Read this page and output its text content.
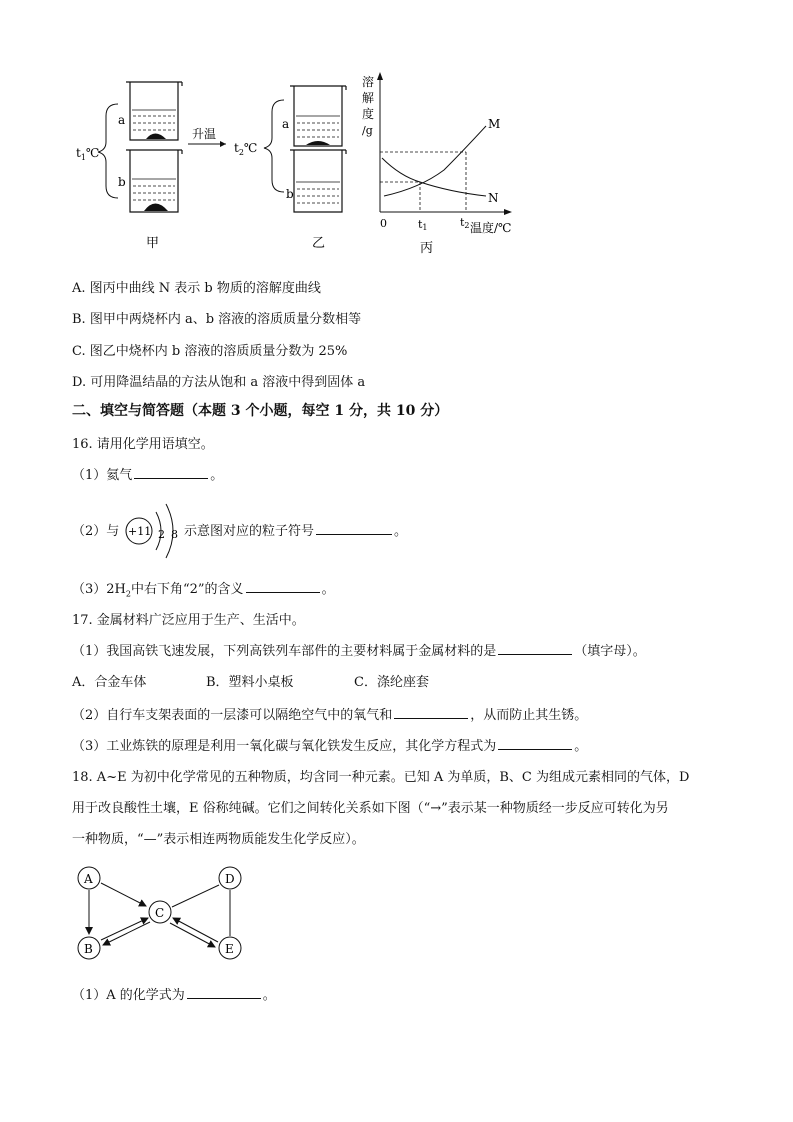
$t_1℃$
a
b
升温
甲
$t_2℃$
a
b
乙
溶
解
度
/g	M
N
0	t1	t2 温度/℃
丙
A. 图丙中曲线 N 表示 b 物质的溶解度曲线
B. 图甲中两烧杯内 a、b 溶液的溶质质量分数相等
C. 图乙中烧杯内 b 溶液的溶质质量分数为 25%
D. 可用降温结晶的方法从饱和 a 溶液中得到固体 a
二、填空与简答题（本题 3 个小题，每空 1 分，共 10 分）
16. 请用化学用语填空。
（1）氦气	。
（2）与 +11 2 8 示意图对应的粒子符号	。
$(3)2H_2$中右下角“2”的含义	。
17. 金属材料广泛应用于生产、生活中。
（1）我国高铁飞速发展，下列高铁列车部件的主要材料属于金属材料的是	（填字母）。
A．合金车体	B．塑料小桌板	C．涤纶座套
（2）自行车支架表面的一层漆可以隔绝空气中的氧气和	，从而防止其生锈。
（3）工业炼铁的原理是利用一氧化碳与氧化铁发生反应，其化学方程式为	。
18. A~E 为初中化学常见的五种物质，均含同一种元素。已知 A 为单质，B、C 为组成元素相同的气体，D
用于改良酸性土壤，E 俗称纯碱。它们之间转化关系如下图（“→”表示某一种物质经一步反应可转化为另
一种物质，“—”表示相连两物质能发生化学反应）。
A
B
C
D
E
（1）A 的化学式为	。
